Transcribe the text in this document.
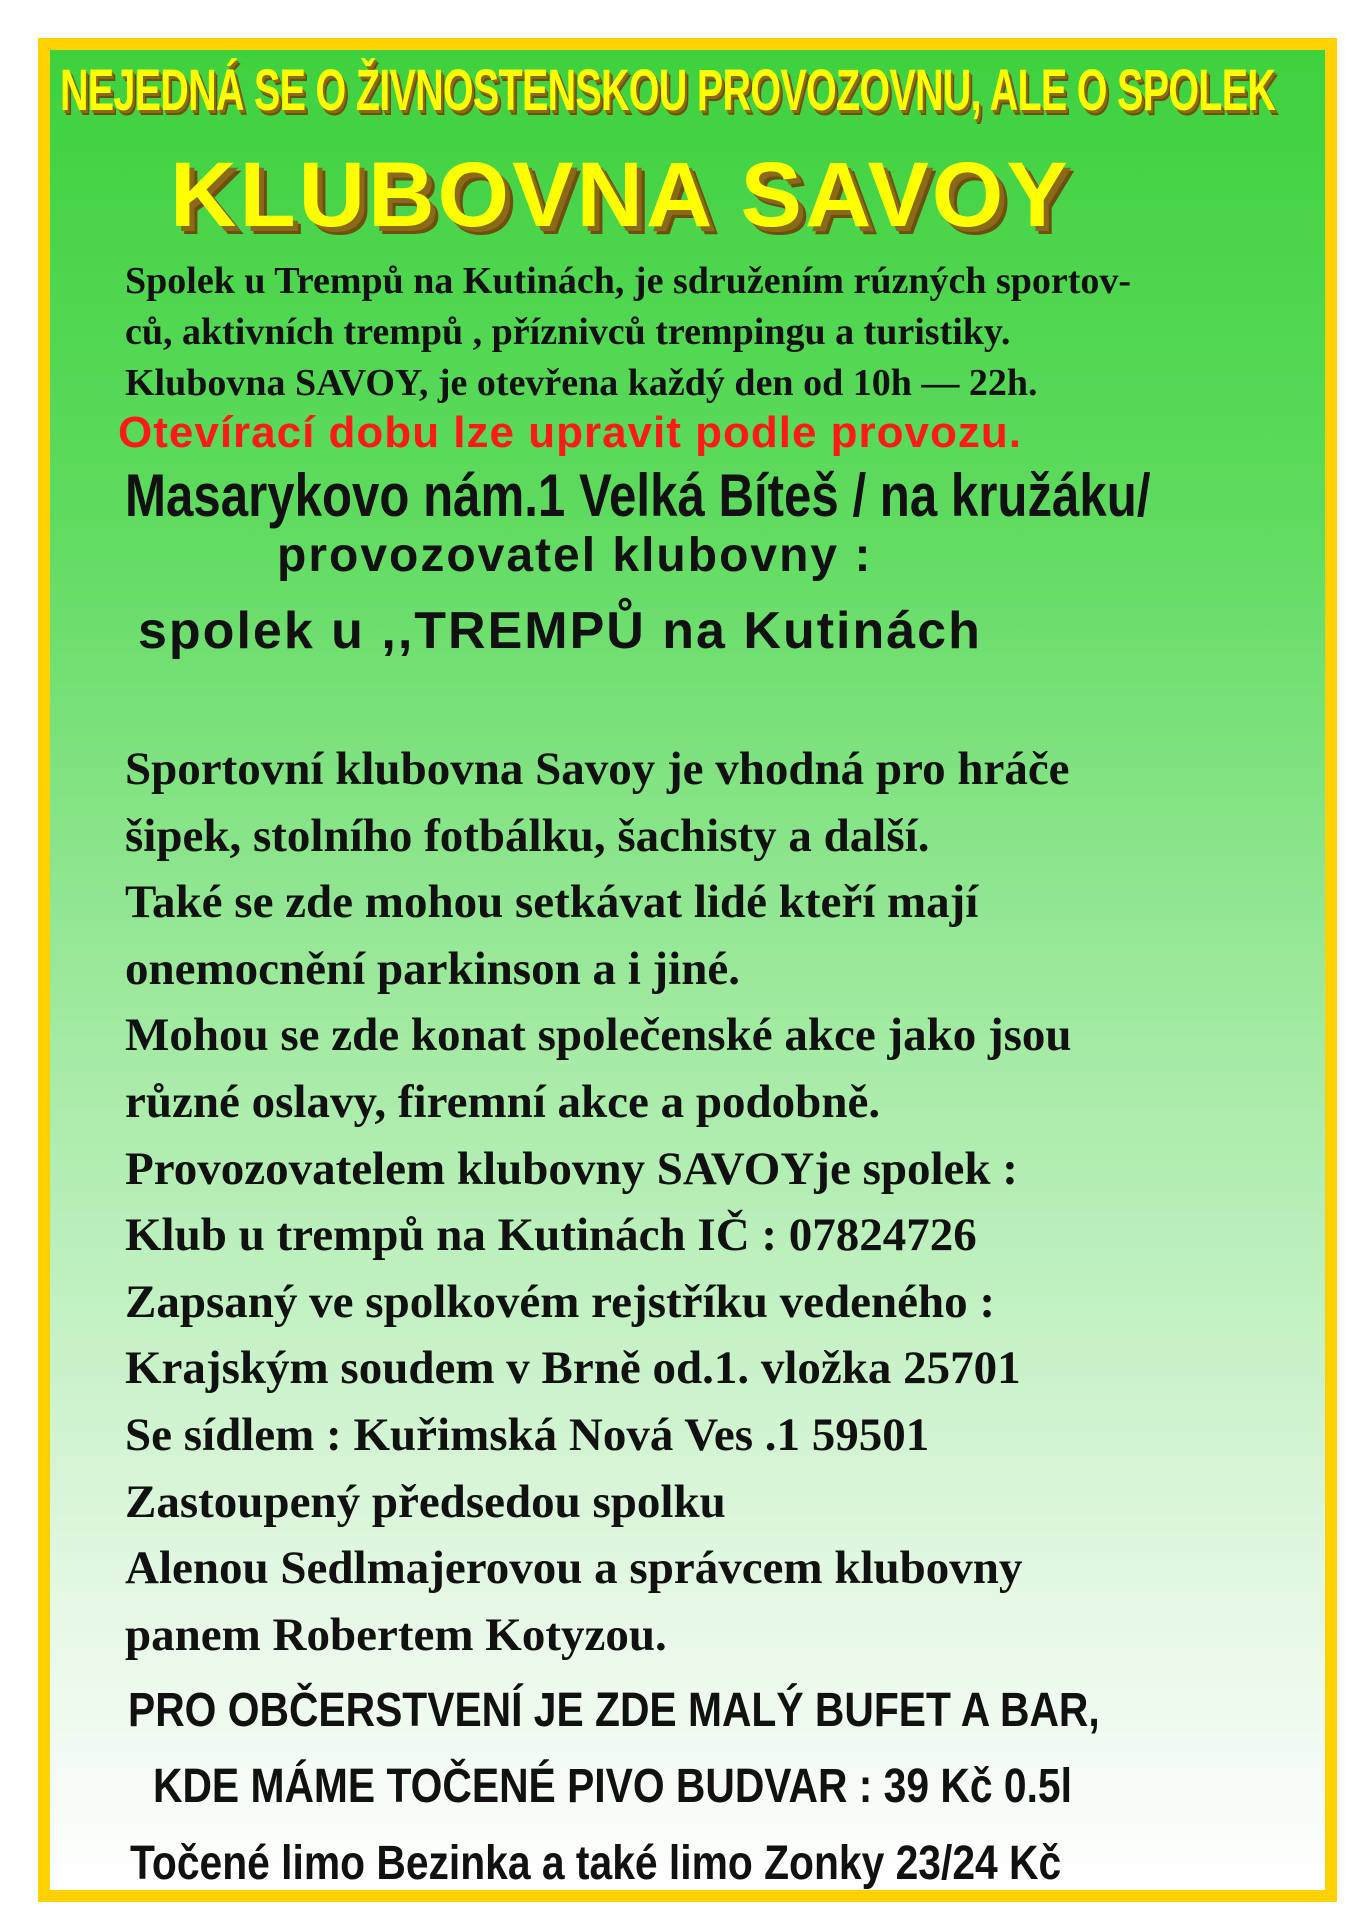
NEJEDNÁ SE O ŽIVNOSTENSKOU PROVOZOVNU, ALE O SPOLEK
KLUBOVNA SAVOY
Spolek u Trempů na Kutinách, je sdružením rúzných sportov-
ců, aktivních trempů , příznivců trempingu a turistiky.
Klubovna SAVOY, je otevřena každý den od 10h — 22h.
Otevírací dobu lze upravit podle provozu.
Masarykovo nám.1 Velká Bíteš / na kružáku/
provozovatel klubovny :
spolek u ,,TREMPŮ na Kutinách
Sportovní klubovna Savoy je vhodná pro hráče
šipek, stolního fotbálku, šachisty a další.
Také se zde mohou setkávat lidé kteří mají
onemocnění parkinson a i jiné.
Mohou se zde konat společenské akce jako jsou
různé oslavy, firemní akce a podobně.
Provozovatelem klubovny SAVOYje spolek :
Klub u trempů na Kutinách IČ : 07824726
Zapsaný ve spolkovém rejstříku vedeného :
Krajským soudem v Brně od.1. vložka 25701
Se sídlem : Kuřimská Nová Ves .1 59501
Zastoupený předsedou spolku
Alenou Sedlmajerovou a správcem klubovny
panem Robertem Kotyzou.
PRO OBČERSTVENÍ JE ZDE MALÝ BUFET A BAR,
KDE MÁME TOČENÉ PIVO BUDVAR : 39 Kč 0.5l
Točené limo Bezinka a také limo Zonky 23/24 Kč
